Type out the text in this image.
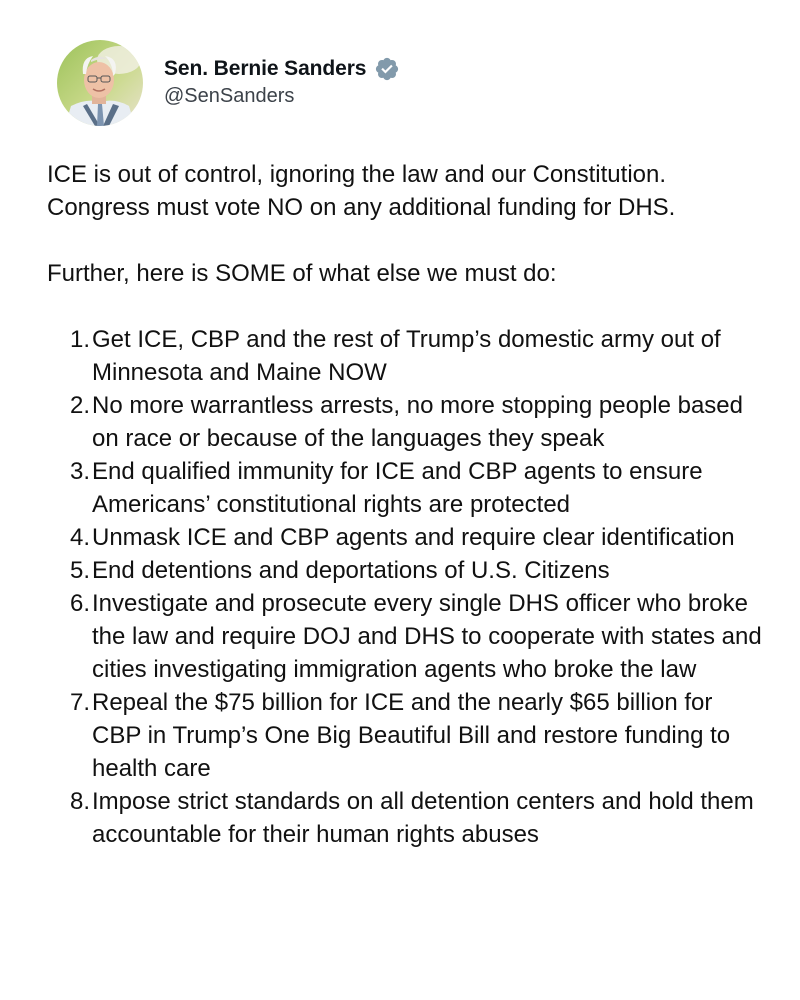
Sen. Bernie Sanders
@SenSanders

ICE is out of control, ignoring the law and our Constitution.

Congress must vote NO on any additional funding for DHS.

Further, here is SOME of what else we must do:

1. Get ICE, CBP and the rest of Trump’s domestic army out of Minnesota and Maine NOW
2. No more warrantless arrests, no more stopping people based on race or because of the languages they speak
3. End qualified immunity for ICE and CBP agents to ensure Americans’ constitutional rights are protected
4. Unmask ICE and CBP agents and require clear identification
5. End detentions and deportations of U.S. Citizens
6. Investigate and prosecute every single DHS officer who broke the law and require DOJ and DHS to cooperate with states and cities investigating immigration agents who broke the law
7. Repeal the $75 billion for ICE and the nearly $65 billion for CBP in Trump’s One Big Beautiful Bill and restore funding to health care
8. Impose strict standards on all detention centers and hold them accountable for their human rights abuses
